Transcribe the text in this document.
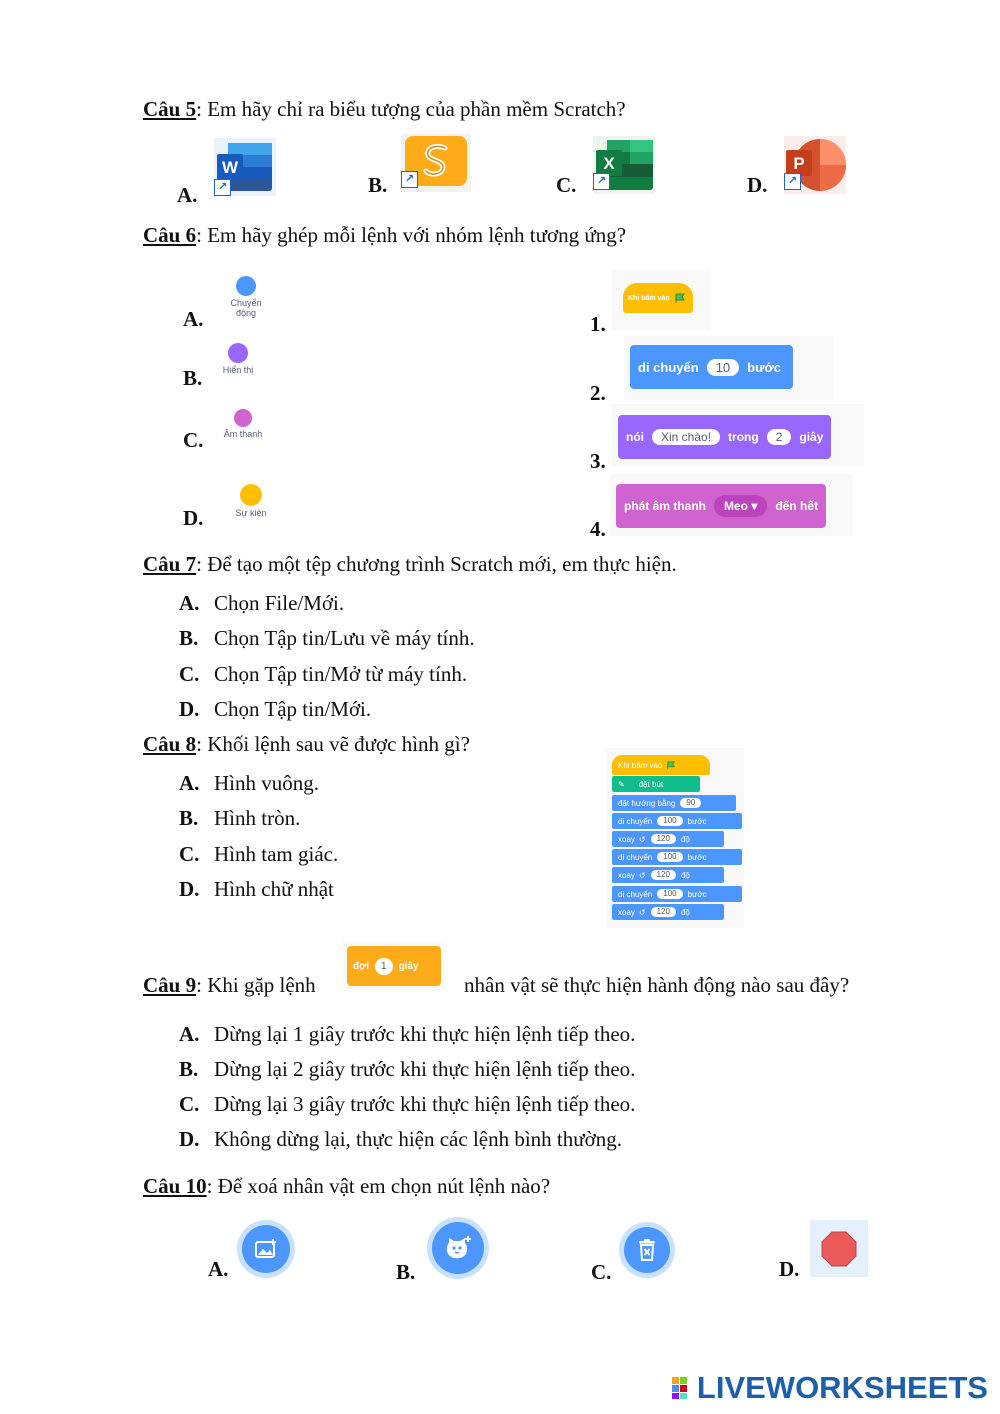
Câu 5: Em hãy chỉ ra biểu tượng của phần mềm Scratch?
A.
W
↗	B.	↗	C.
X
↗	D.
P
↗
Câu 6: Em hãy ghép mỗi lệnh với nhóm lệnh tương ứng?
A.
Chuyển động
B.	Hiển thị
C.	Âm thanh
D.	Sự kiện
1.
Khi bấm vào
2.
di chuyển	10	bước
3.
nói	Xin chào!	trong	2	giây
4.
phát âm thanh	Meo ▾	đến hết
Câu 7: Để tạo một tệp chương trình Scratch mới, em thực hiện.
A. Chọn File/Mới.
B. Chọn Tập tin/Lưu về máy tính.
C. Chọn Tập tin/Mở từ máy tính.
D. Chọn Tập tin/Mới.
Câu 8: Khối lệnh sau vẽ được hình gì?
A. Hình vuông.
B. Hình tròn.
C. Hình tam giác.
D. Hình chữ nhật
Khi bấm vào
✎ đặt bút
đặt hướng bằng	90
di chuyển	100	bước
xoay ↺	120	độ
di chuyển	100	bước
xoay ↺	120	độ
di chuyển	100	bước
xoay ↺	120	độ
Câu 9: Khi gặp lệnh
đợi	1	giây
nhân vật sẽ thực hiện hành động nào sau đây?
A. Dừng lại 1 giây trước khi thực hiện lệnh tiếp theo.
B. Dừng lại 2 giây trước khi thực hiện lệnh tiếp theo.
C. Dừng lại 3 giây trước khi thực hiện lệnh tiếp theo.
D. Không dừng lại, thực hiện các lệnh bình thường.
Câu 10: Để xoá nhân vật em chọn nút lệnh nào?
A.	B.	C.	D.
LIVEWORKSHEETS
